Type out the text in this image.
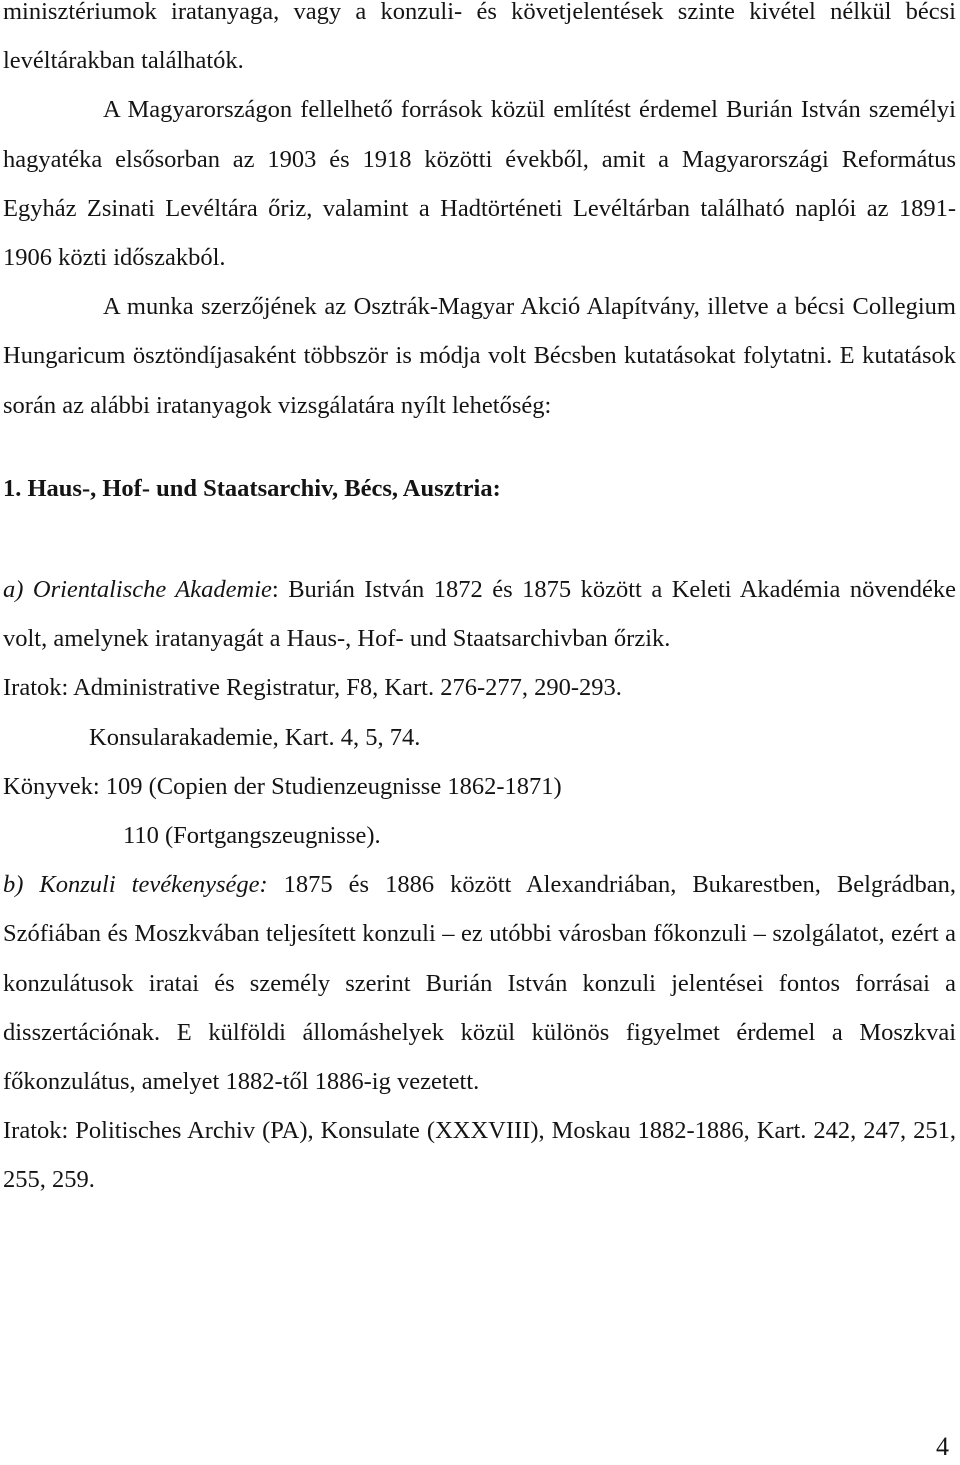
minisztériumok iratanyaga, vagy a konzuli- és követjelentések szinte kivétel nélkül bécsi levéltárakban találhatók.

A Magyarországon fellelhető források közül említést érdemel Burián István személyi hagyatéka elsősorban az 1903 és 1918 közötti évekből, amit a Magyarországi Református Egyház Zsinati Levéltára őriz, valamint a Hadtörténeti Levéltárban található naplói az 1891-1906 közti időszakból.

A munka szerzőjének az Osztrák-Magyar Akció Alapítvány, illetve a bécsi Collegium Hungaricum ösztöndíjasaként többször is módja volt Bécsben kutatásokat folytatni. E kutatások során az alábbi iratanyagok vizsgálatára nyílt lehetőség:

1. Haus-, Hof- und Staatsarchiv, Bécs, Ausztria:

a) Orientalische Akademie: Burián István 1872 és 1875 között a Keleti Akadémia növendéke volt, amelynek iratanyagát a Haus-, Hof- und Staatsarchivban őrzik.

Iratok: Administrative Registratur, F8, Kart. 276-277, 290-293.

Konsularakademie, Kart. 4, 5, 74.

Könyvek: 109 (Copien der Studienzeugnisse 1862-1871)

110 (Fortgangszeugnisse).

b) Konzuli tevékenysége: 1875 és 1886 között Alexandriában, Bukarestben, Belgrádban, Szófiában és Moszkvában teljesített konzuli – ez utóbbi városban főkonzuli – szolgálatot, ezért a konzulátusok iratai és személy szerint Burián István konzuli jelentései fontos forrásai a disszertációnak. E külföldi állomáshelyek közül különös figyelmet érdemel a Moszkvai főkonzulátus, amelyet 1882-től 1886-ig vezetett.

Iratok: Politisches Archiv (PA), Konsulate (XXXVIII), Moskau 1882-1886, Kart. 242, 247, 251, 255, 259.

4
